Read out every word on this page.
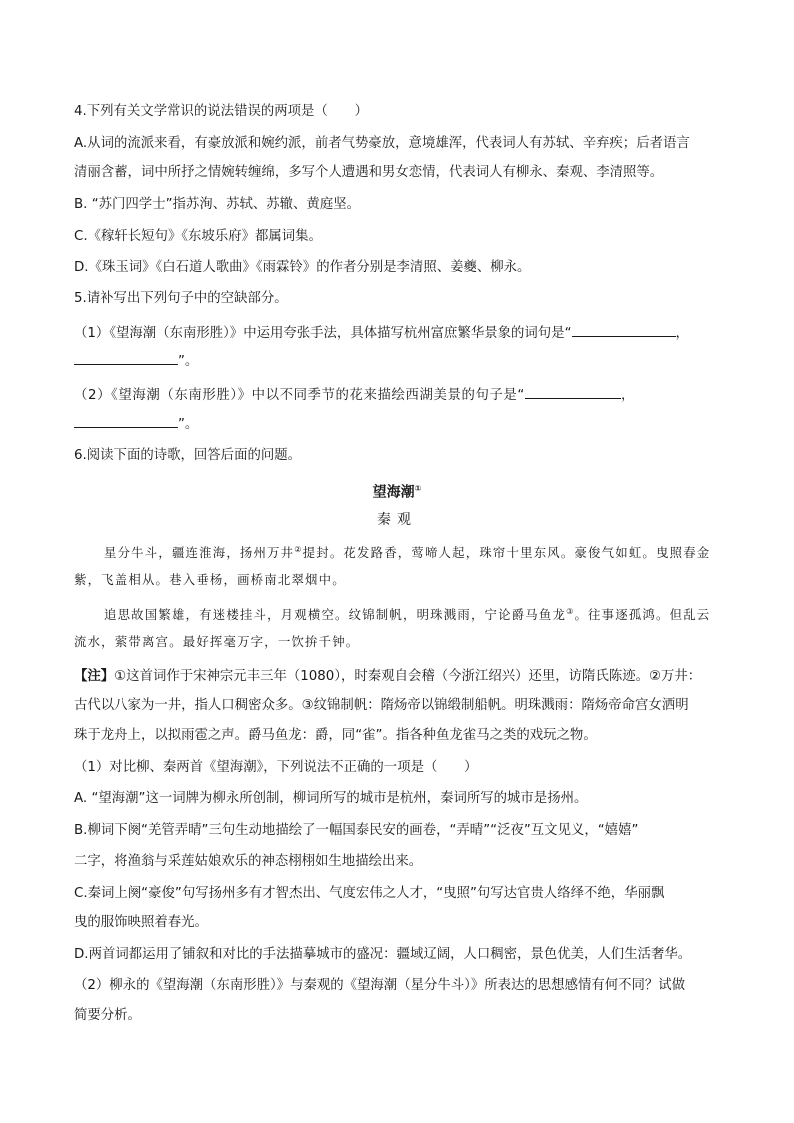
4.下列有关文学常识的说法错误的两项是（　　）
A.从词的流派来看，有豪放派和婉约派，前者气势豪放，意境雄浑，代表词人有苏轼、辛弃疾；后者语言
清丽含蓄，词中所抒之情婉转缠绵，多写个人遭遇和男女恋情，代表词人有柳永、秦观、李清照等。
B. “苏门四学士”指苏洵、苏轼、苏辙、黄庭坚。
C.《稼轩长短句》《东坡乐府》都属词集。
D.《珠玉词》《白石道人歌曲》《雨霖铃》的作者分别是李清照、姜夔、柳永。
5.请补写出下列句子中的空缺部分。
（1）《望海潮（东南形胜）》中运用夸张手法，具体描写杭州富庶繁华景象的词句是“	，
”。
（2）《望海潮（东南形胜）》中以不同季节的花来描绘西湖美景的句子是“	，
”。
6.阅读下面的诗歌，回答后面的问题。
望海潮①
秦观
星分牛斗，疆连淮海，扬州万井②提封。花发路香，莺啼人起，珠帘十里东风。豪俊气如虹。曳照春金
紫，飞盖相从。巷入垂杨，画桥南北翠烟中。
追思故国繁雄，有迷楼挂斗，月观横空。纹锦制帆，明珠溅雨，宁论爵马鱼龙③。往事逐孤鸿。但乱云
流水，萦带离宫。最好挥毫万字，一饮拚千钟。
【注】①这首词作于宋神宗元丰三年（1080），时秦观自会稽（今浙江绍兴）还里，访隋氏陈迹。②万井：
古代以八家为一井，指人口稠密众多。③纹锦制帆：隋炀帝以锦缎制船帆。明珠溅雨：隋炀帝命宫女洒明
珠于龙舟上，以拟雨雹之声。爵马鱼龙：爵，同“雀”。指各种鱼龙雀马之类的戏玩之物。
（1）对比柳、秦两首《望海潮》，下列说法不正确的一项是（　　）
A. “望海潮”这一词牌为柳永所创制，柳词所写的城市是杭州，秦词所写的城市是扬州。
B.柳词下阕“羌管弄晴”三句生动地描绘了一幅国泰民安的画卷，“弄晴”“泛夜”互文见义，“嬉嬉”
二字，将渔翁与采莲姑娘欢乐的神态栩栩如生地描绘出来。
C.秦词上阕“豪俊”句写扬州多有才智杰出、气度宏伟之人才，“曳照”句写达官贵人络绎不绝，华丽飘
曳的服饰映照着春光。
D.两首词都运用了铺叙和对比的手法描摹城市的盛况：疆域辽阔，人口稠密，景色优美，人们生活奢华。
（2）柳永的《望海潮（东南形胜）》与秦观的《望海潮（星分牛斗）》所表达的思想感情有何不同？试做
简要分析。
